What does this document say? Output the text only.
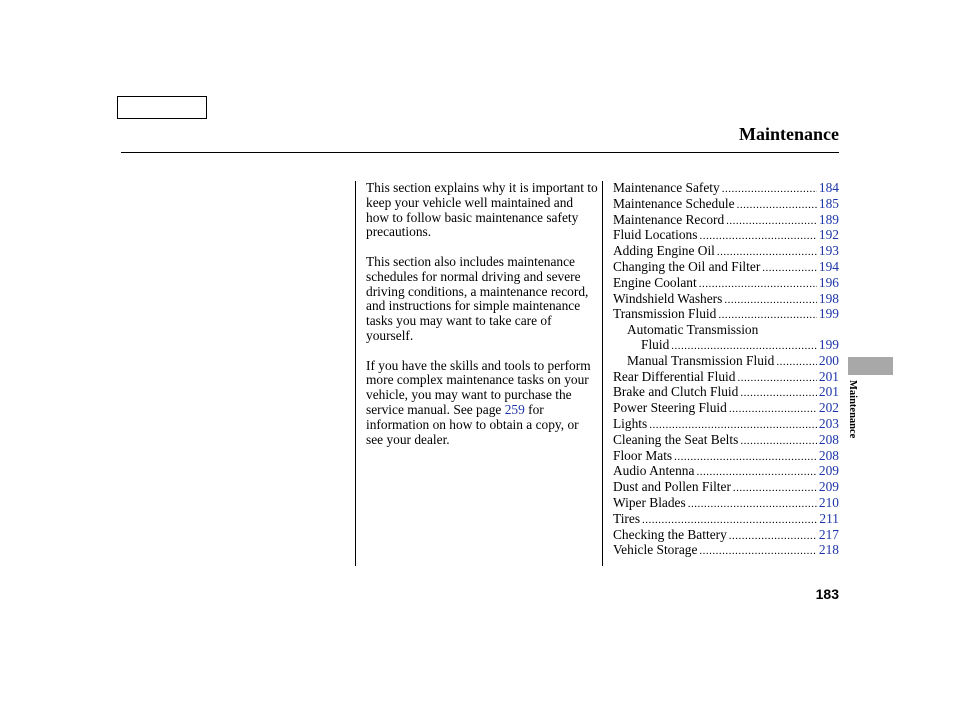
Maintenance

This section explains why it is important to keep your vehicle well maintained and how to follow basic maintenance safety precautions.

This section also includes maintenance schedules for normal driving and severe driving conditions, a maintenance record, and instructions for simple maintenance tasks you may want to take care of yourself.

If you have the skills and tools to perform more complex maintenance tasks on your vehicle, you may want to purchase the service manual. See page 259 for information on how to obtain a copy, or see your dealer.

Maintenance Safety .....	184
Maintenance Schedule .....	185
Maintenance Record .....	189
Fluid Locations .....	192
Adding Engine Oil .....	193
Changing the Oil and Filter .....	194
Engine Coolant .....	196
Windshield Washers .....	198
Transmission Fluid .....	199
Automatic Transmission
Fluid .....	199
Manual Transmission Fluid .....	200
Rear Differential Fluid .....	201
Brake and Clutch Fluid .....	201
Power Steering Fluid .....	202
Lights .....	203
Cleaning the Seat Belts .....	208
Floor Mats .....	208
Audio Antenna .....	209
Dust and Pollen Filter .....	209
Wiper Blades .....	210
Tires .....	211
Checking the Battery .....	217
Vehicle Storage .....	218
Maintenance
183
